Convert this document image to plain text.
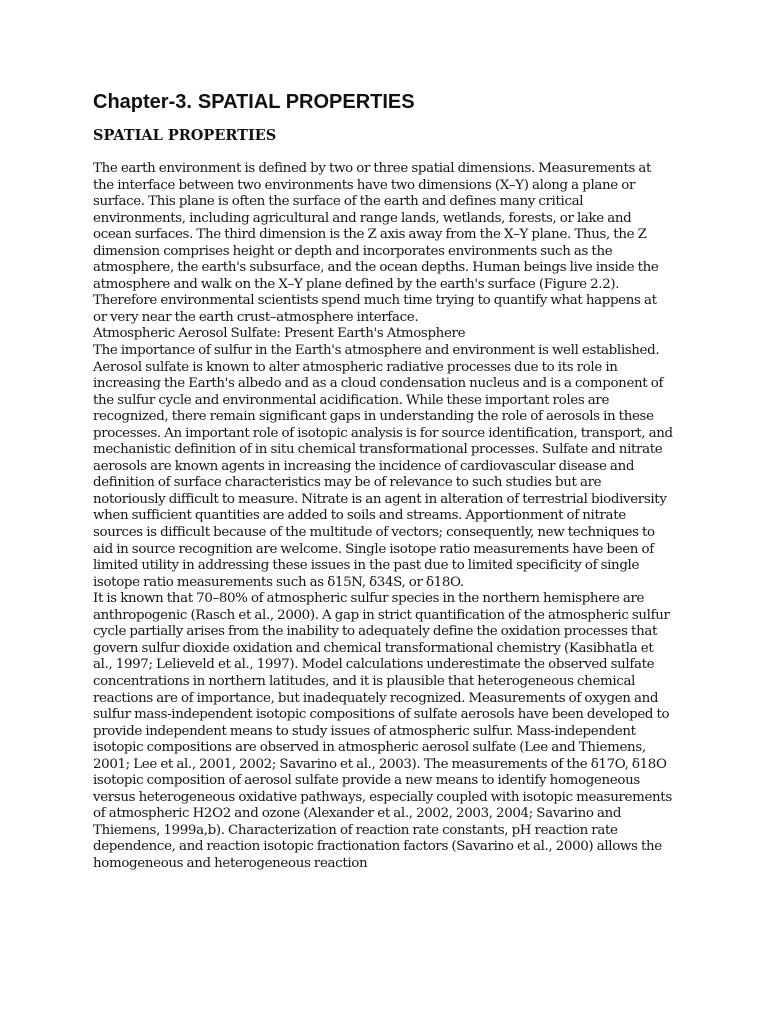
Chapter-3. SPATIAL PROPERTIES
SPATIAL PROPERTIES

The earth environment is defined by two or three spatial dimensions. Measurements at the interface between two environments have two dimensions (X–Y) along a plane or surface. This plane is often the surface of the earth and defines many critical environments, including agricultural and range lands, wetlands, forests, or lake and ocean surfaces. The third dimension is the Z axis away from the X–Y plane. Thus, the Z dimension comprises height or depth and incorporates environments such as the atmosphere, the earth's subsurface, and the ocean depths. Human beings live inside the atmosphere and walk on the X–Y plane defined by the earth's surface (Figure 2.2). Therefore environmental scientists spend much time trying to quantify what happens at or very near the earth crust–atmosphere interface.

Atmospheric Aerosol Sulfate: Present Earth's Atmosphere

The importance of sulfur in the Earth's atmosphere and environment is well established. Aerosol sulfate is known to alter atmospheric radiative processes due to its role in increasing the Earth's albedo and as a cloud condensation nucleus and is a component of the sulfur cycle and environmental acidification. While these important roles are recognized, there remain significant gaps in understanding the role of aerosols in these processes. An important role of isotopic analysis is for source identification, transport, and mechanistic definition of in situ chemical transformational processes. Sulfate and nitrate aerosols are known agents in increasing the incidence of cardiovascular disease and definition of surface characteristics may be of relevance to such studies but are notoriously difficult to measure. Nitrate is an agent in alteration of terrestrial biodiversity when sufficient quantities are added to soils and streams. Apportionment of nitrate sources is difficult because of the multitude of vectors; consequently, new techniques to aid in source recognition are welcome. Single isotope ratio measurements have been of limited utility in addressing these issues in the past due to limited specificity of single isotope ratio measurements such as δ15N, δ34S, or δ18O.

It is known that 70–80% of atmospheric sulfur species in the northern hemisphere are anthropogenic (Rasch et al., 2000). A gap in strict quantification of the atmospheric sulfur cycle partially arises from the inability to adequately define the oxidation processes that govern sulfur dioxide oxidation and chemical transformational chemistry (Kasibhatla et al., 1997; Lelieveld et al., 1997). Model calculations underestimate the observed sulfate concentrations in northern latitudes, and it is plausible that heterogeneous chemical reactions are of importance, but inadequately recognized. Measurements of oxygen and sulfur mass-independent isotopic compositions of sulfate aerosols have been developed to provide independent means to study issues of atmospheric sulfur. Mass-independent isotopic compositions are observed in atmospheric aerosol sulfate (Lee and Thiemens, 2001; Lee et al., 2001, 2002; Savarino et al., 2003). The measurements of the δ17O, δ18O isotopic composition of aerosol sulfate provide a new means to identify homogeneous versus heterogeneous oxidative pathways, especially coupled with isotopic measurements of atmospheric H2O2 and ozone (Alexander et al., 2002, 2003, 2004; Savarino and Thiemens, 1999a,b). Characterization of reaction rate constants, pH reaction rate dependence, and reaction isotopic fractionation factors (Savarino et al., 2000) allows the homogeneous and heterogeneous reaction
